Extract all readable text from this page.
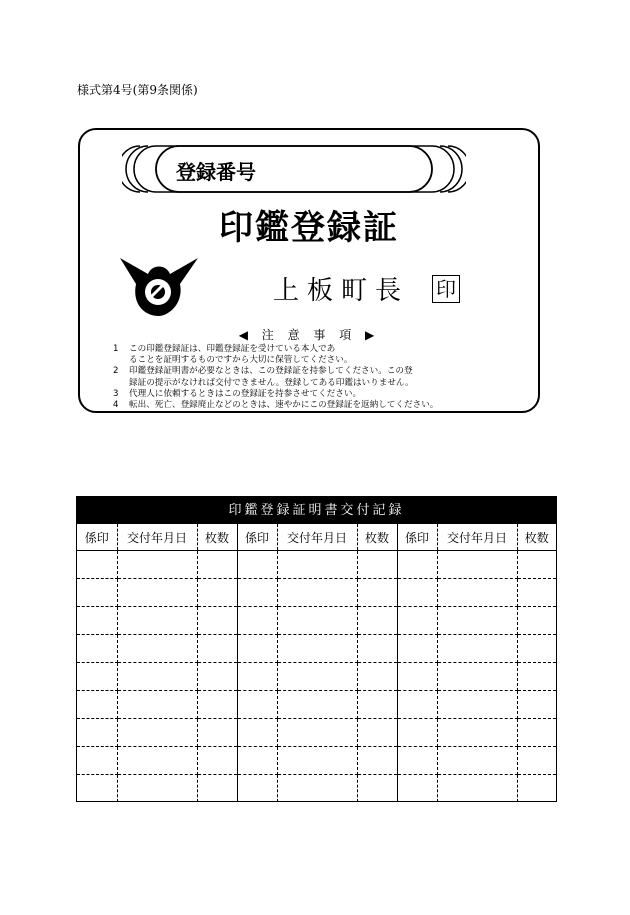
様式第4号(第9条関係)
登録番号
印鑑登録証
上板町長 印
◀ 注 意 事 項 ▶
1	この印鑑登録証は、印鑑登録証を受けている本人であ
ることを証明するものですから大切に保管してください。
2	印鑑登録証明書が必要なときは、この登録証を持参してください。この登
録証の提示がなければ交付できません。登録してある印鑑はいりません。
3	代理人に依頼するときはこの登録証を持参させてください。
4	転出、死亡、登録廃止などのときは、速やかにこの登録証を返納してください。
印鑑登録証明書交付記録
係印	交付年月日	枚数	係印	交付年月日	枚数	係印	交付年月日	枚数
